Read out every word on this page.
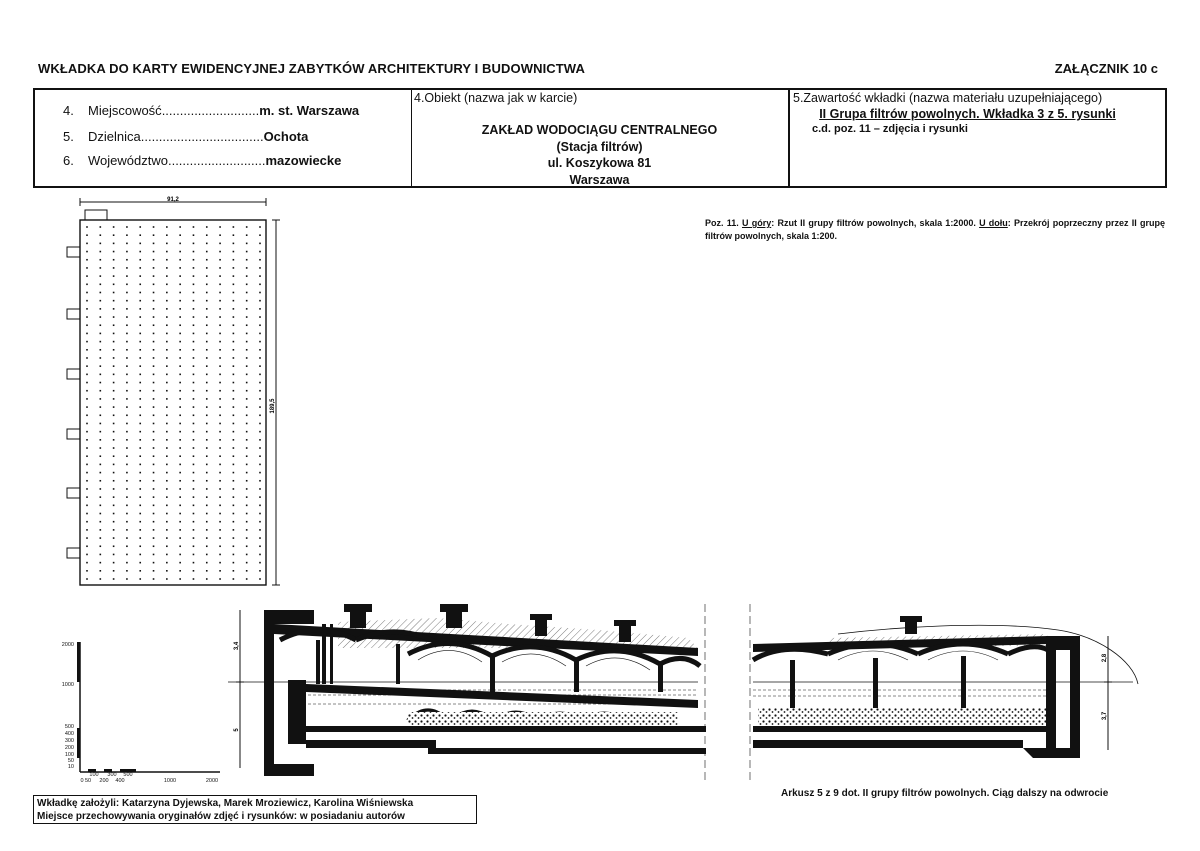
WKŁADKA DO KARTY EWIDENCYJNEJ ZABYTKÓW ARCHITEKTURY I BUDOWNICTWA	ZAŁĄCZNIK 10 c
4.	Miejscowość ........................... m. st. Warszawa
5.	Dzielnica .................................. Ochota
6.	Województwo ........................... mazowiecke
4.Obiekt (nazwa jak w karcie)
ZAKŁAD WODOCIĄGU CENTRALNEGO
(Stacja filtrów)
ul. Koszykowa 81
Warszawa
5.Zawartość wkładki (nazwa materiału uzupełniającego)
II Grupa filtrów powolnych. Wkładka 3 z 5. rysunki
c.d. poz. 11 – zdjęcia i rysunki
Poz. 11. U góry: Rzut II grupy filtrów powolnych, skala 1:2000. U dołu: Przekrój poprzeczny przez II grupę filtrów powolnych, skala 1:200.
91,2
189,5
2000
1000
500
400
300
200
100
50
10
0 50
100
200
300
400
500
1000	2000
3,4
5
2,8
3,7
Arkusz 5 z 9 dot. II grupy filtrów powolnych. Ciąg dalszy na odwrocie
Wkładkę założyli: Katarzyna Dyjewska, Marek Mroziewicz, Karolina Wiśniewska
Miejsce przechowywania oryginałów zdjęć i rysunków: w posiadaniu autorów
